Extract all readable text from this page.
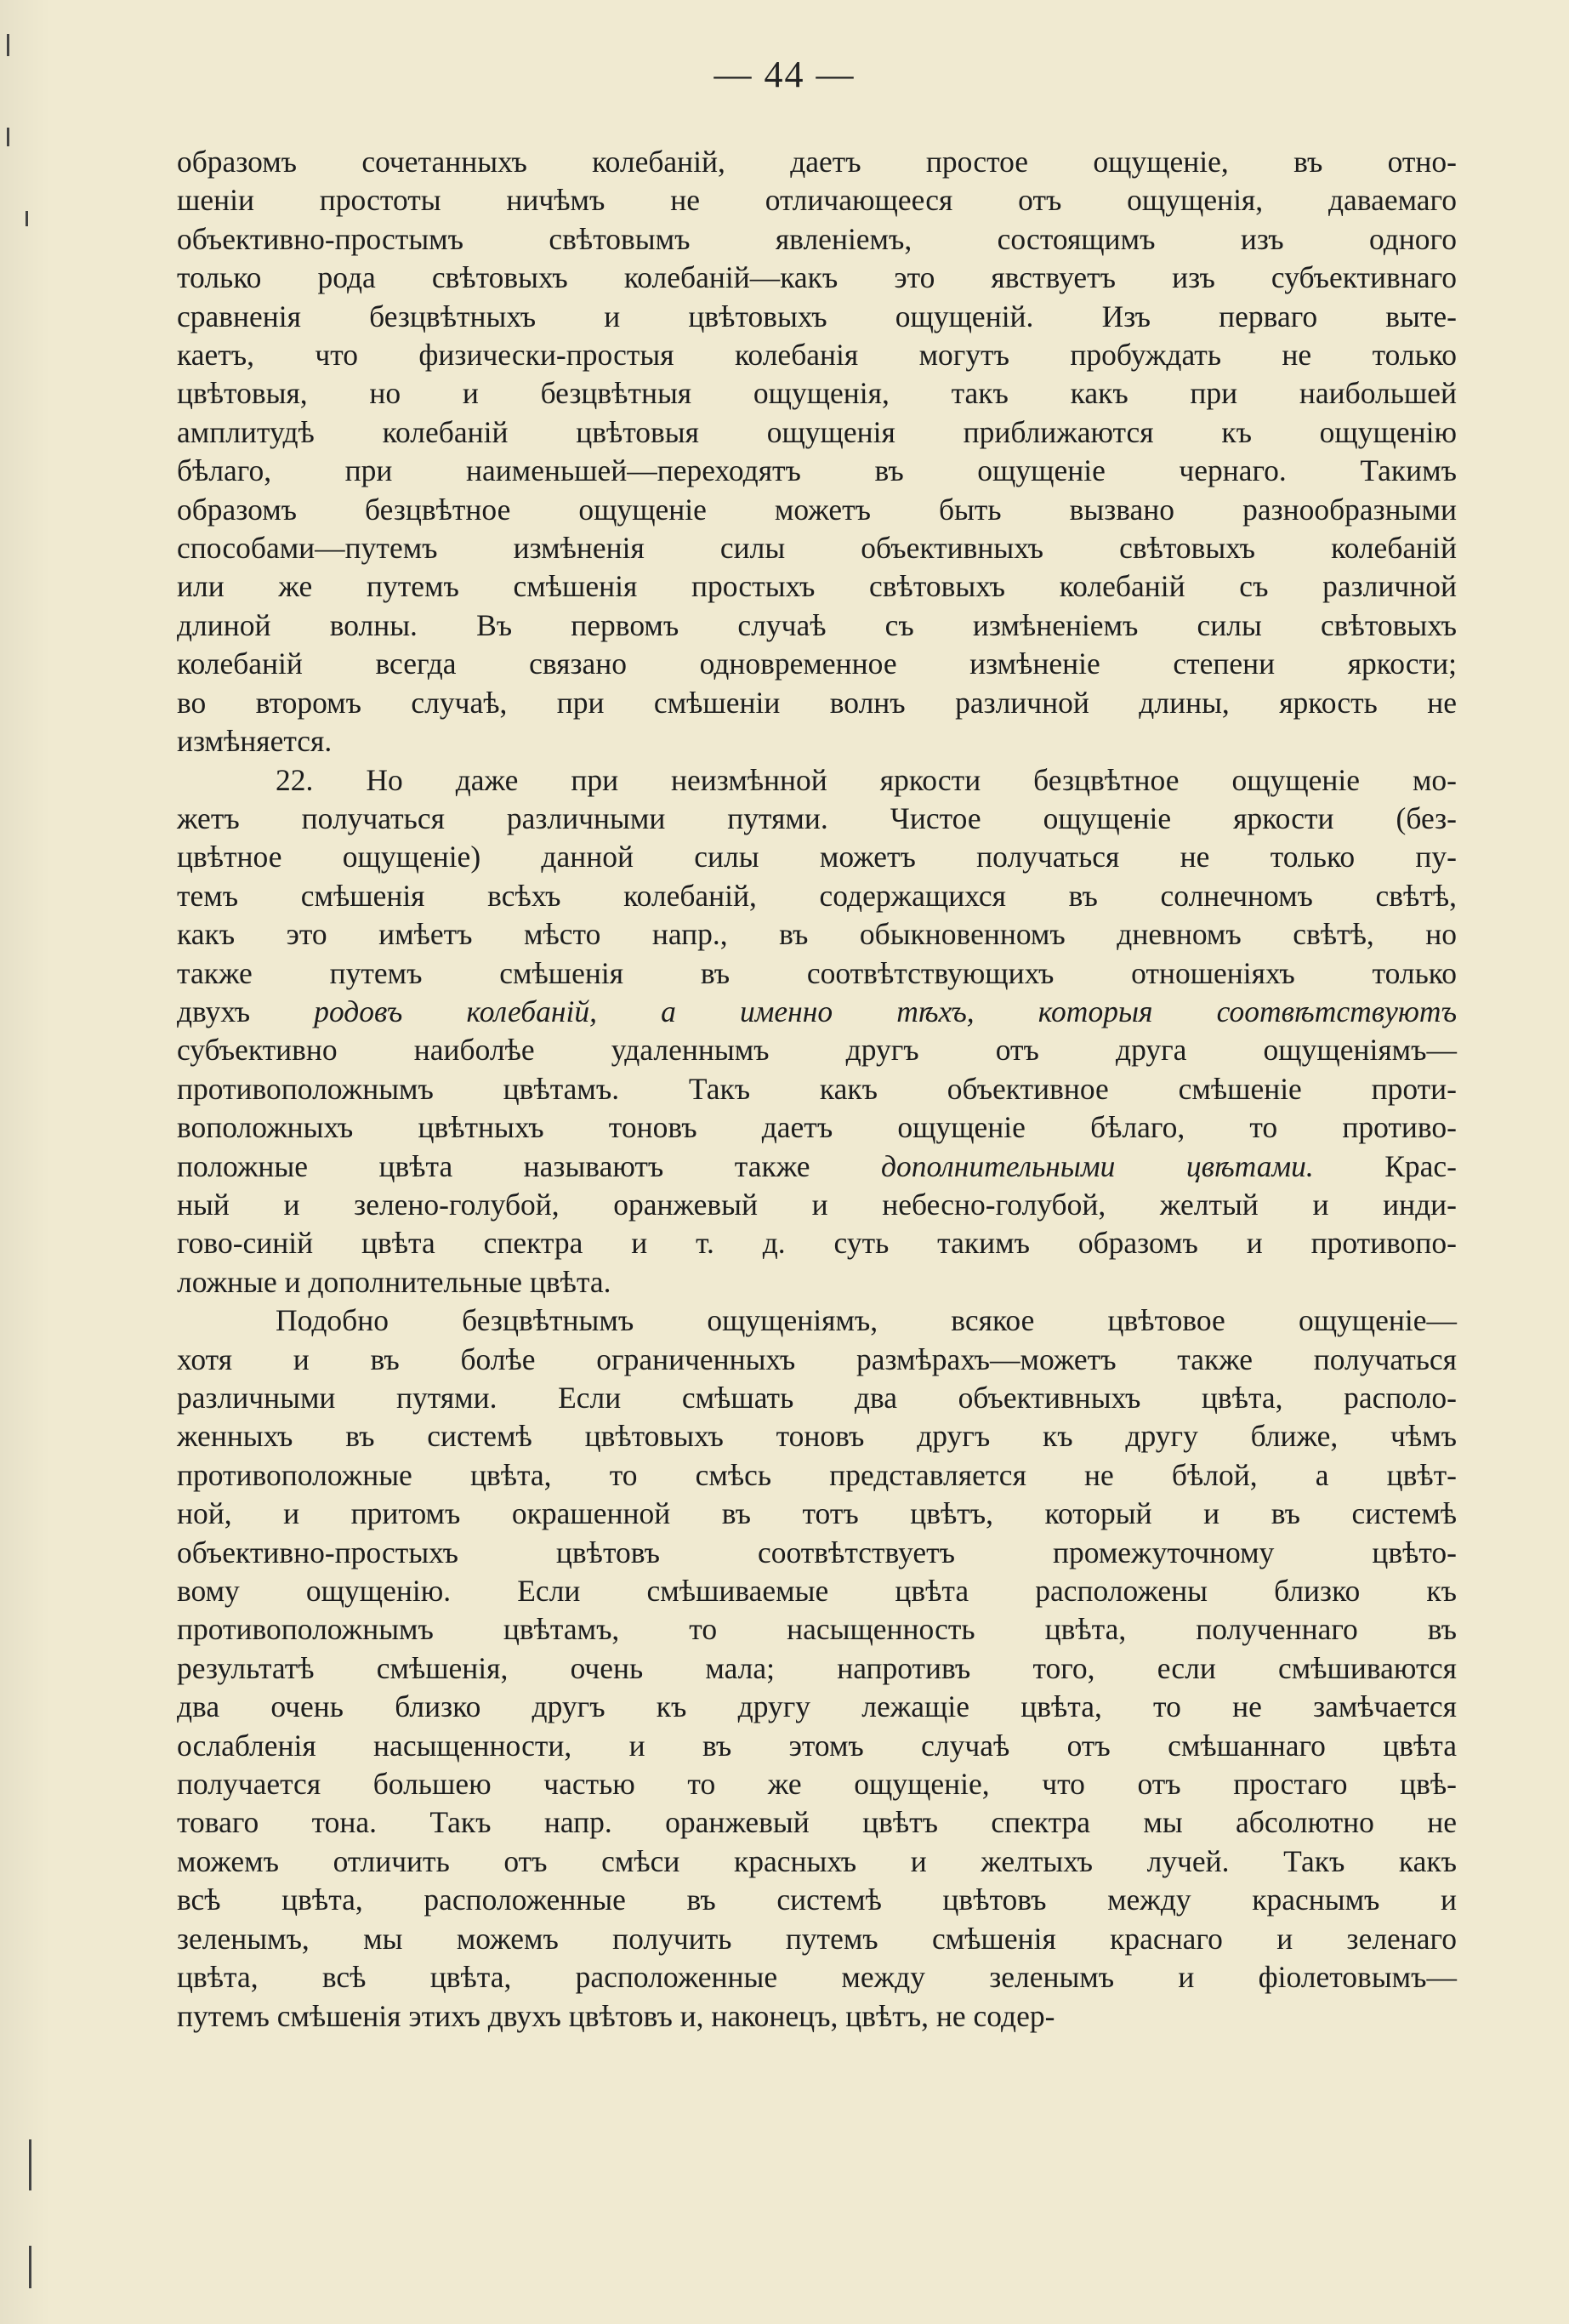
— 44 —

образомъ сочетанныхъ колебаній, даетъ простое ощущеніе, въ отно-
шеніи простоты ничѣмъ не отличающееся отъ ощущенія, даваемаго
объективно-простымъ свѣтовымъ явленіемъ, состоящимъ изъ одного
только рода свѣтовыхъ колебаній—какъ это явствуетъ изъ субъективнаго
сравненія безцвѣтныхъ и цвѣтовыхъ ощущеній. Изъ перваго выте-
каетъ, что физически-простыя колебанія могутъ пробуждать не только
цвѣтовыя, но и безцвѣтныя ощущенія, такъ какъ при наибольшей
амплитудѣ колебаній цвѣтовыя ощущенія приближаются къ ощущенію
бѣлаго, при наименьшей—переходятъ въ ощущеніе чернаго. Такимъ
образомъ безцвѣтное ощущеніе можетъ быть вызвано разнообразными
способами—путемъ измѣненія силы объективныхъ свѣтовыхъ колебаній
или же путемъ смѣшенія простыхъ свѣтовыхъ колебаній съ различной
длиной волны. Въ первомъ случаѣ съ измѣненіемъ силы свѣтовыхъ
колебаній всегда связано одновременное измѣненіе степени яркости;
во второмъ случаѣ, при смѣшеніи волнъ различной длины, яркость не
измѣняется.

22. Но даже при неизмѣнной яркости безцвѣтное ощущеніе мо-
жетъ получаться различными путями. Чистое ощущеніе яркости (без-
цвѣтное ощущеніе) данной силы можетъ получаться не только пу-
темъ смѣшенія всѣхъ колебаній, содержащихся въ солнечномъ свѣтѣ,
какъ это имѣетъ мѣсто напр., въ обыкновенномъ дневномъ свѣтѣ, но
также путемъ смѣшенія въ соотвѣтствующихъ отношеніяхъ только
двухъ родовъ колебаній, а именно тѣхъ, которыя соотвѣтствуютъ
субъективно наиболѣе удаленнымъ другъ отъ друга ощущеніямъ—
противоположнымъ цвѣтамъ. Такъ какъ объективное смѣшеніе проти-
воположныхъ цвѣтныхъ тоновъ даетъ ощущеніе бѣлаго, то противо-
положные цвѣта называютъ также дополнительными цвѣтами. Крас-
ный и зелено-голубой, оранжевый и небесно-голубой, желтый и инди-
гово-синій цвѣта спектра и т. д. суть такимъ образомъ и противопо-
ложные и дополнительные цвѣта.

Подобно безцвѣтнымъ ощущеніямъ, всякое цвѣтовое ощущеніе—
хотя и въ болѣе ограниченныхъ размѣрахъ—можетъ также получаться
различными путями. Если смѣшать два объективныхъ цвѣта, располо-
женныхъ въ системѣ цвѣтовыхъ тоновъ другъ къ другу ближе, чѣмъ
противоположные цвѣта, то смѣсь представляется не бѣлой, а цвѣт-
ной, и притомъ окрашенной въ тотъ цвѣтъ, который и въ системѣ
объективно-простыхъ цвѣтовъ соотвѣтствуетъ промежуточному цвѣто-
вому ощущенію. Если смѣшиваемые цвѣта расположены близко къ
противоположнымъ цвѣтамъ, то насыщенность цвѣта, полученнаго въ
результатѣ смѣшенія, очень мала; напротивъ того, если смѣшиваются
два очень близко другъ къ другу лежащіе цвѣта, то не замѣчается
ослабленія насыщенности, и въ этомъ случаѣ отъ смѣшаннаго цвѣта
получается большею частью то же ощущеніе, что отъ простаго цвѣ-
товаго тона. Такъ напр. оранжевый цвѣтъ спектра мы абсолютно не
можемъ отличить отъ смѣси красныхъ и желтыхъ лучей. Такъ какъ
всѣ цвѣта, расположенные въ системѣ цвѣтовъ между краснымъ и
зеленымъ, мы можемъ получить путемъ смѣшенія краснаго и зеленаго
цвѣта, всѣ цвѣта, расположенные между зеленымъ и фіолетовымъ—
путемъ смѣшенія этихъ двухъ цвѣтовъ и, наконецъ, цвѣтъ, не содер-
